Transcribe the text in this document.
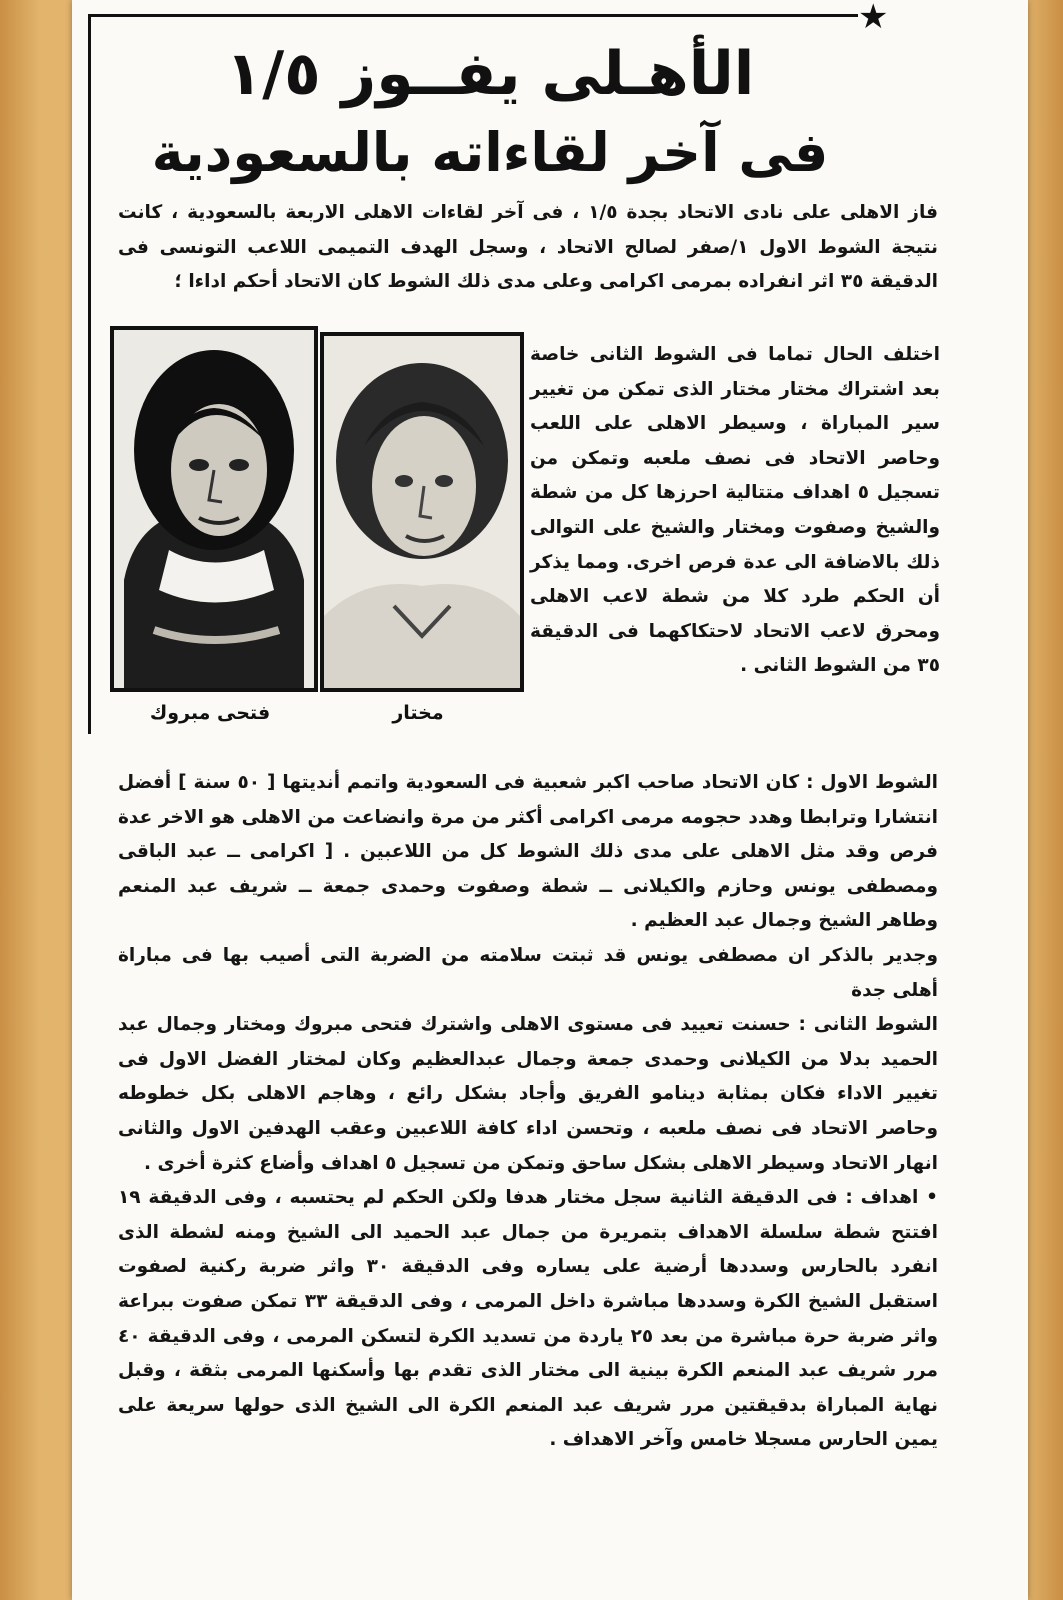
★
الأهـلى يفــوز ١/٥
فى آخر لقاءاته بالسعودية

فاز الاهلى على نادى الاتحاد بجدة ١/٥ ، فى آخر لقاءات الاهلى الاربعة بالسعودية ، كانت نتيجة الشوط الاول ١/صفر لصالح الاتحاد ، وسجل الهدف التميمى اللاعب التونسى فى الدقيقة ٣٥ اثر انفراده بمرمى اكرامى وعلى مدى ذلك الشوط كان الاتحاد أحكم اداءا ؛

فتحى مبروك	مختار

اختلف الحال تماما فى الشوط الثانى خاصة بعد اشتراك مختار مختار الذى تمكن من تغيير سير المباراة ، وسيطر الاهلى على اللعب وحاصر الاتحاد فى نصف ملعبه وتمكن من تسجيل ٥ اهداف متتالية احرزها كل من شطة والشيخ وصفوت ومختار والشيخ على التوالى ذلك بالاضافة الى عدة فرص اخرى. ومما يذكر أن الحكم طرد كلا من شطة لاعب الاهلى ومحرق لاعب الاتحاد لاحتكاكهما فى الدقيقة ٣٥ من الشوط الثانى .

الشوط الاول : كان الاتحاد صاحب اكبر شعبية فى السعودية واتمم أنديتها [ ٥٠ سنة ] أفضل انتشارا وترابطا وهدد حجومه مرمى اكرامى أكثر من مرة وانضاعت من الاهلى هو الاخر عدة فرص وقد مثل الاهلى على مدى ذلك الشوط كل من اللاعبين . [ اكرامى ــ عبد الباقى ومصطفى يونس وحازم والكيلانى ــ شطة وصفوت وحمدى جمعة ــ شريف عبد المنعم وطاهر الشيخ وجمال عبد العظيم .

وجدير بالذكر ان مصطفى يونس قد ثبتت سلامته من الضربة التى أصيب بها فى مباراة أهلى جدة

الشوط الثانى : حسنت تعييد فى مستوى الاهلى واشترك فتحى مبروك ومختار وجمال عبد الحميد بدلا من الكيلانى وحمدى جمعة وجمال عبدالعظيم وكان لمختار الفضل الاول فى تغيير الاداء فكان بمثابة دينامو الفريق وأجاد بشكل رائع ، وهاجم الاهلى بكل خطوطه وحاصر الاتحاد فى نصف ملعبه ، وتحسن اداء كافة اللاعبين وعقب الهدفين الاول والثانى انهار الاتحاد وسيطر الاهلى بشكل ساحق وتمكن من تسجيل ٥ اهداف وأضاع كثرة أخرى .

• اهداف : فى الدقيقة الثانية سجل مختار هدفا ولكن الحكم لم يحتسبه ، وفى الدقيقة ١٩ افتتح شطة سلسلة الاهداف بتمريرة من جمال عبد الحميد الى الشيخ ومنه لشطة الذى انفرد بالحارس وسددها أرضية على يساره وفى الدقيقة ٣٠ واثر ضربة ركنية لصفوت استقبل الشيخ الكرة وسددها مباشرة داخل المرمى ، وفى الدقيقة ٣٣ تمكن صفوت ببراعة واثر ضربة حرة مباشرة من بعد ٢٥ ياردة من تسديد الكرة لتسكن المرمى ، وفى الدقيقة ٤٠ مرر شريف عبد المنعم الكرة بينية الى مختار الذى تقدم بها وأسكنها المرمى بثقة ، وقبل نهاية المباراة بدقيقتين مرر شريف عبد المنعم الكرة الى الشيخ الذى حولها سريعة على يمين الحارس مسجلا خامس وآخر الاهداف .
